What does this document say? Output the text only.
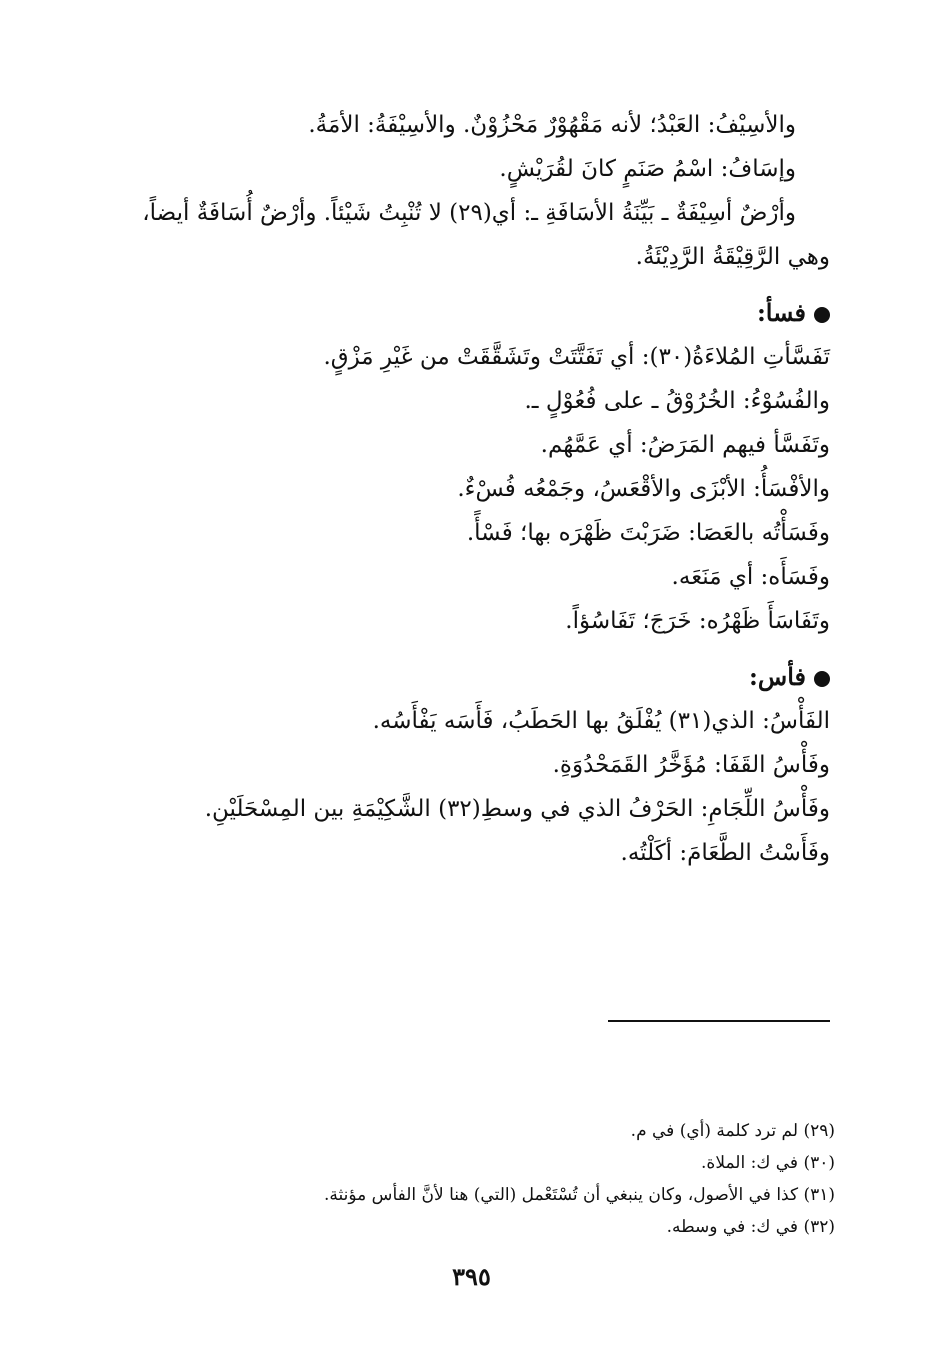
والأسِيْفُ: العَبْدُ؛ لأنه مَقْهُوْرٌ مَحْزُوْنٌ. والأسِيْفَةُ: الأمَةُ.
وإسَافُ: اسْمُ صَنَمٍ كانَ لقُرَيْشٍ.
وأرْضٌ أسِيْفَةٌ ـ بَيِّنَةُ الأسَافَةِ ـ: أي(٢٩) لا تُنْبِتُ شَيْئاً. وأرْضٌ أُسَافَةٌ أيضاً،
وهي الرَّقِيْقَةُ الرَّدِيْئَةُ.
فسأ:
تَفَسَّأتِ المُلاءَةُ(٣٠): أي تَفَتَّتَتْ وتَشَقَّقَتْ من غَيْرِ مَزْقٍ.
والفُسُوْءُ: الخُرُوْقُ ـ على فُعُوْلٍ ـ.
وتَفَسَّأ فيهم المَرَضُ: أي عَمَّهُم.
والأفْسَأُ: الأبْزَى والأقْعَسُ، وجَمْعُه فُسْءٌ.
وفَسَأْتُه بالعَصَا: ضَرَبْتَ ظَهْرَه بها؛ فَسْأً.
وفَسَأَه: أي مَنَعَه.
وتَفَاسَأَ ظَهْرُه: خَرَجَ؛ تَفَاسُؤاً.
فأس:
الفَأْسُ: الذي(٣١) يُفْلَقُ بها الحَطَبُ، فَأَسَه يَفْأَسُه.
وفَأْسُ القَفَا: مُؤَخَّرُ القَمَحْدُوَةِ.
وفَأْسُ اللِّجَامِ: الحَرْفُ الذي في وسطِ(٣٢) الشَّكِيْمَةِ بين المِسْحَلَيْنِ.
وفَأَسْتُ الطَّعَامَ: أكَلْتُه.
(٢٩) لم ترد كلمة (أي) في م.
(٣٠) في ك: الملاة.
(٣١) كذا في الأصول، وكان ينبغي أن تُسْتَعْمل (التي) هنا لأنَّ الفأس مؤنثة.
(٣٢) في ك: في وسطه.
٣٩٥
